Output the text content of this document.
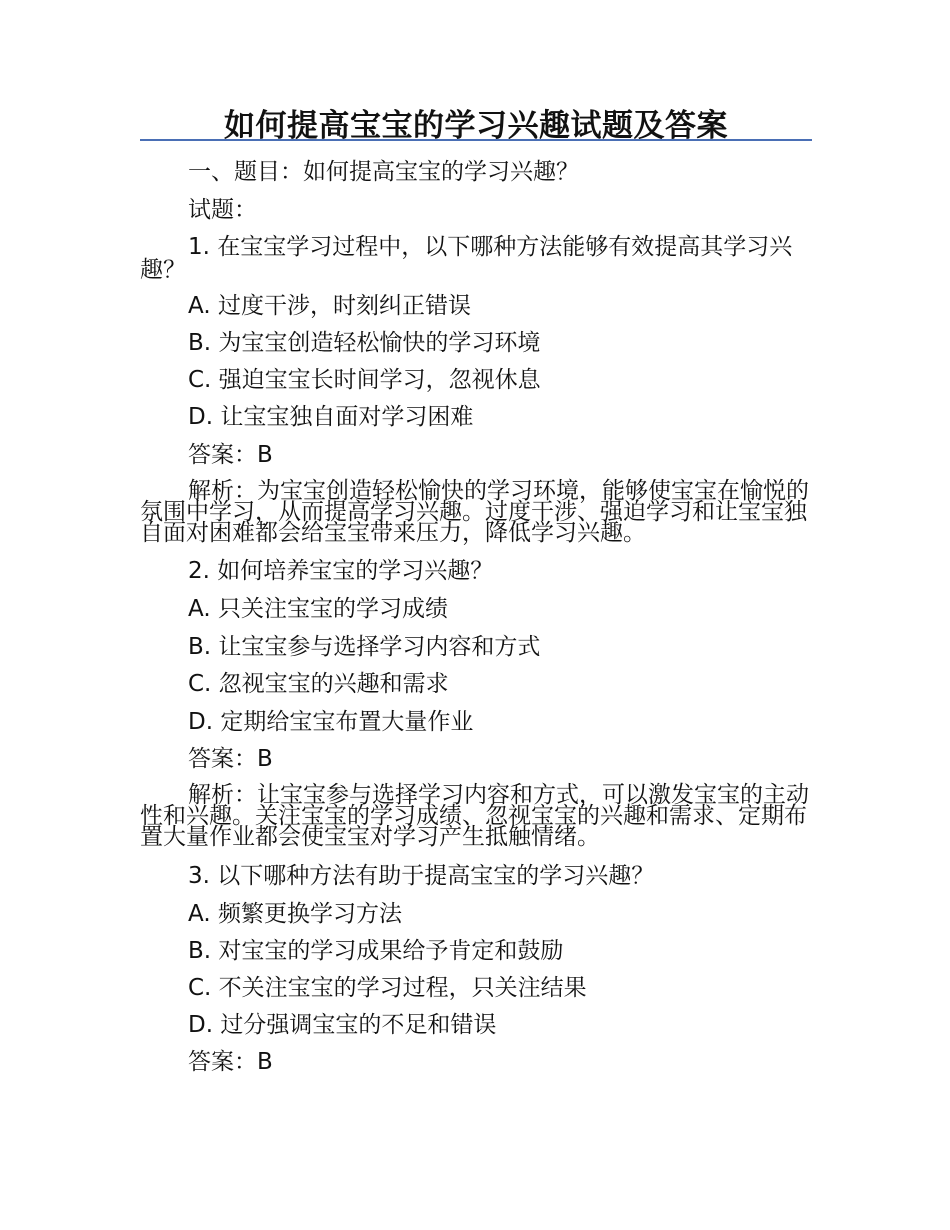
如何提高宝宝的学习兴趣试题及答案
一、题目：如何提高宝宝的学习兴趣？
试题：
1. 在宝宝学习过程中，以下哪种方法能够有效提高其学习兴趣？
A. 过度干涉，时刻纠正错误
B. 为宝宝创造轻松愉快的学习环境
C. 强迫宝宝长时间学习，忽视休息
D. 让宝宝独自面对学习困难
答案：B
解析：为宝宝创造轻松愉快的学习环境，能够使宝宝在愉悦的氛围中学习，从而提高学习兴趣。过度干涉、强迫学习和让宝宝独自面对困难都会给宝宝带来压力，降低学习兴趣。
2. 如何培养宝宝的学习兴趣？
A. 只关注宝宝的学习成绩
B. 让宝宝参与选择学习内容和方式
C. 忽视宝宝的兴趣和需求
D. 定期给宝宝布置大量作业
答案：B
解析：让宝宝参与选择学习内容和方式，可以激发宝宝的主动性和兴趣。关注宝宝的学习成绩、忽视宝宝的兴趣和需求、定期布置大量作业都会使宝宝对学习产生抵触情绪。
3. 以下哪种方法有助于提高宝宝的学习兴趣？
A. 频繁更换学习方法
B. 对宝宝的学习成果给予肯定和鼓励
C. 不关注宝宝的学习过程，只关注结果
D. 过分强调宝宝的不足和错误
答案：B
